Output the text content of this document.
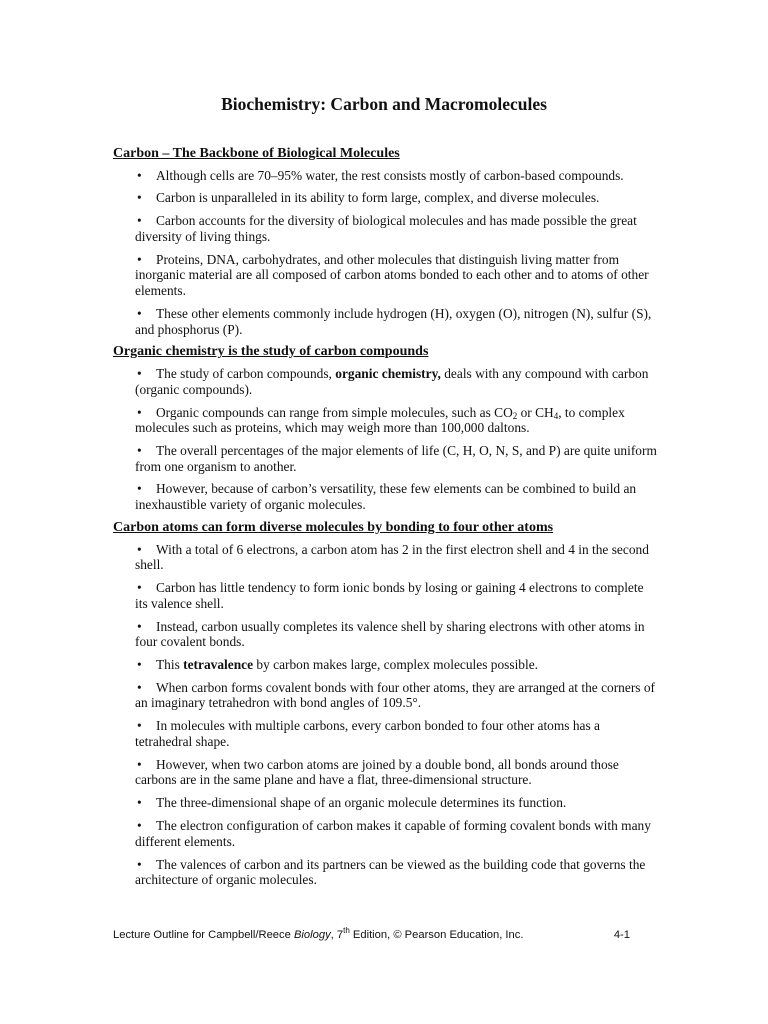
Biochemistry: Carbon and Macromolecules
Carbon – The Backbone of Biological Molecules
• Although cells are 70–95% water, the rest consists mostly of carbon-based compounds.
• Carbon is unparalleled in its ability to form large, complex, and diverse molecules.
• Carbon accounts for the diversity of biological molecules and has made possible the great diversity of living things.
• Proteins, DNA, carbohydrates, and other molecules that distinguish living matter from inorganic material are all composed of carbon atoms bonded to each other and to atoms of other elements.
• These other elements commonly include hydrogen (H), oxygen (O), nitrogen (N), sulfur (S), and phosphorus (P).
Organic chemistry is the study of carbon compounds
• The study of carbon compounds, organic chemistry, deals with any compound with carbon (organic compounds).
• Organic compounds can range from simple molecules, such as $CO_2$ or $CH_4$, to complex molecules such as proteins, which may weigh more than 100,000 daltons.
• The overall percentages of the major elements of life (C, H, O, N, S, and P) are quite uniform from one organism to another.
• However, because of carbon’s versatility, these few elements can be combined to build an inexhaustible variety of organic molecules.
Carbon atoms can form diverse molecules by bonding to four other atoms
• With a total of 6 electrons, a carbon atom has 2 in the first electron shell and 4 in the second shell.
• Carbon has little tendency to form ionic bonds by losing or gaining 4 electrons to complete its valence shell.
• Instead, carbon usually completes its valence shell by sharing electrons with other atoms in four covalent bonds.
• This tetravalence by carbon makes large, complex molecules possible.
• When carbon forms covalent bonds with four other atoms, they are arranged at the corners of an imaginary tetrahedron with bond angles of 109.5°.
• In molecules with multiple carbons, every carbon bonded to four other atoms has a tetrahedral shape.
• However, when two carbon atoms are joined by a double bond, all bonds around those carbons are in the same plane and have a flat, three-dimensional structure.
• The three-dimensional shape of an organic molecule determines its function.
• The electron configuration of carbon makes it capable of forming covalent bonds with many different elements.
• The valences of carbon and its partners can be viewed as the building code that governs the architecture of organic molecules.
Lecture Outline for Campbell/Reece Biology, 7th Edition, © Pearson Education, Inc.	4-1
